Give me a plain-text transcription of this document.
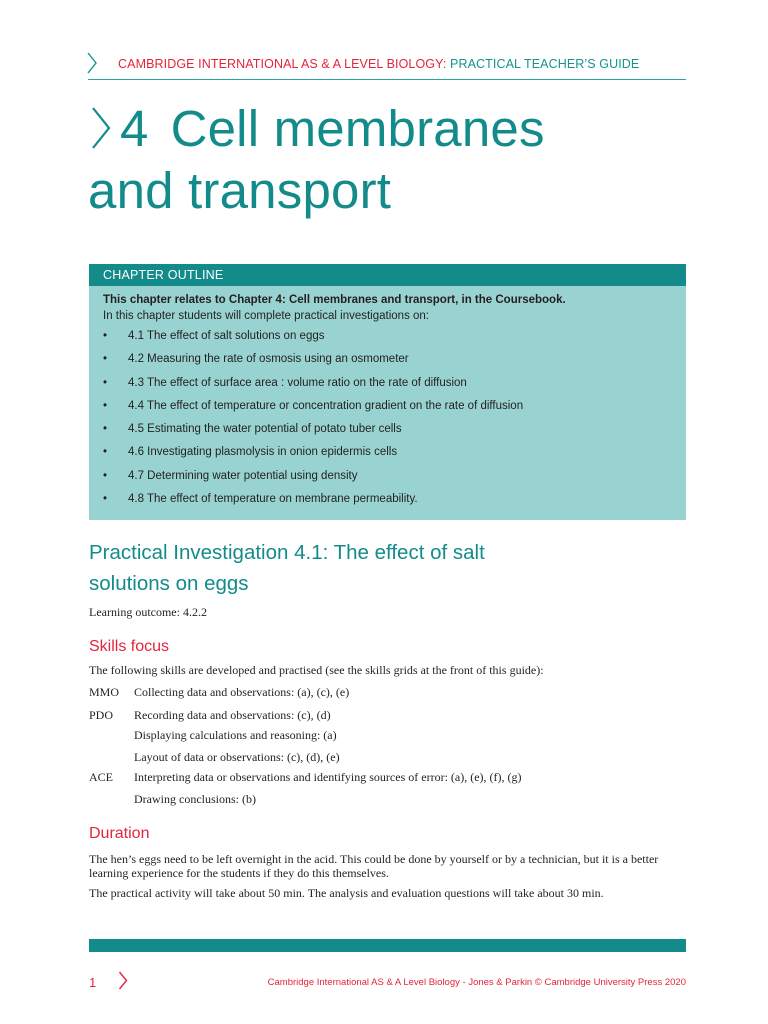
CAMBRIDGE INTERNATIONAL AS & A LEVEL BIOLOGY: PRACTICAL TEACHER’S GUIDE
4 Cell membranes
and transport
CHAPTER OUTLINE
This chapter relates to Chapter 4: Cell membranes and transport, in the Coursebook.
In this chapter students will complete practical investigations on:
• 4.1 The effect of salt solutions on eggs
• 4.2 Measuring the rate of osmosis using an osmometer
• 4.3 The effect of surface area : volume ratio on the rate of diffusion
• 4.4 The effect of temperature or concentration gradient on the rate of diffusion
• 4.5 Estimating the water potential of potato tuber cells
• 4.6 Investigating plasmolysis in onion epidermis cells
• 4.7 Determining water potential using density
• 4.8 The effect of temperature on membrane permeability.
Practical Investigation 4.1: The effect of salt
solutions on eggs
Learning outcome: 4.2.2
Skills focus
The following skills are developed and practised (see the skills grids at the front of this guide):
MMO Collecting data and observations: (a), (c), (e)
PDO Recording data and observations: (c), (d)
Displaying calculations and reasoning: (a)
Layout of data or observations: (c), (d), (e)
ACE Interpreting data or observations and identifying sources of error: (a), (e), (f), (g)
Drawing conclusions: (b)
Duration
The hen’s eggs need to be left overnight in the acid. This could be done by yourself or by a technician, but it is a better learning experience for the students if they do this themselves.
The practical activity will take about 50 min. The analysis and evaluation questions will take about 30 min.
1	Cambridge International AS & A Level Biology - Jones & Parkin © Cambridge University Press 2020
